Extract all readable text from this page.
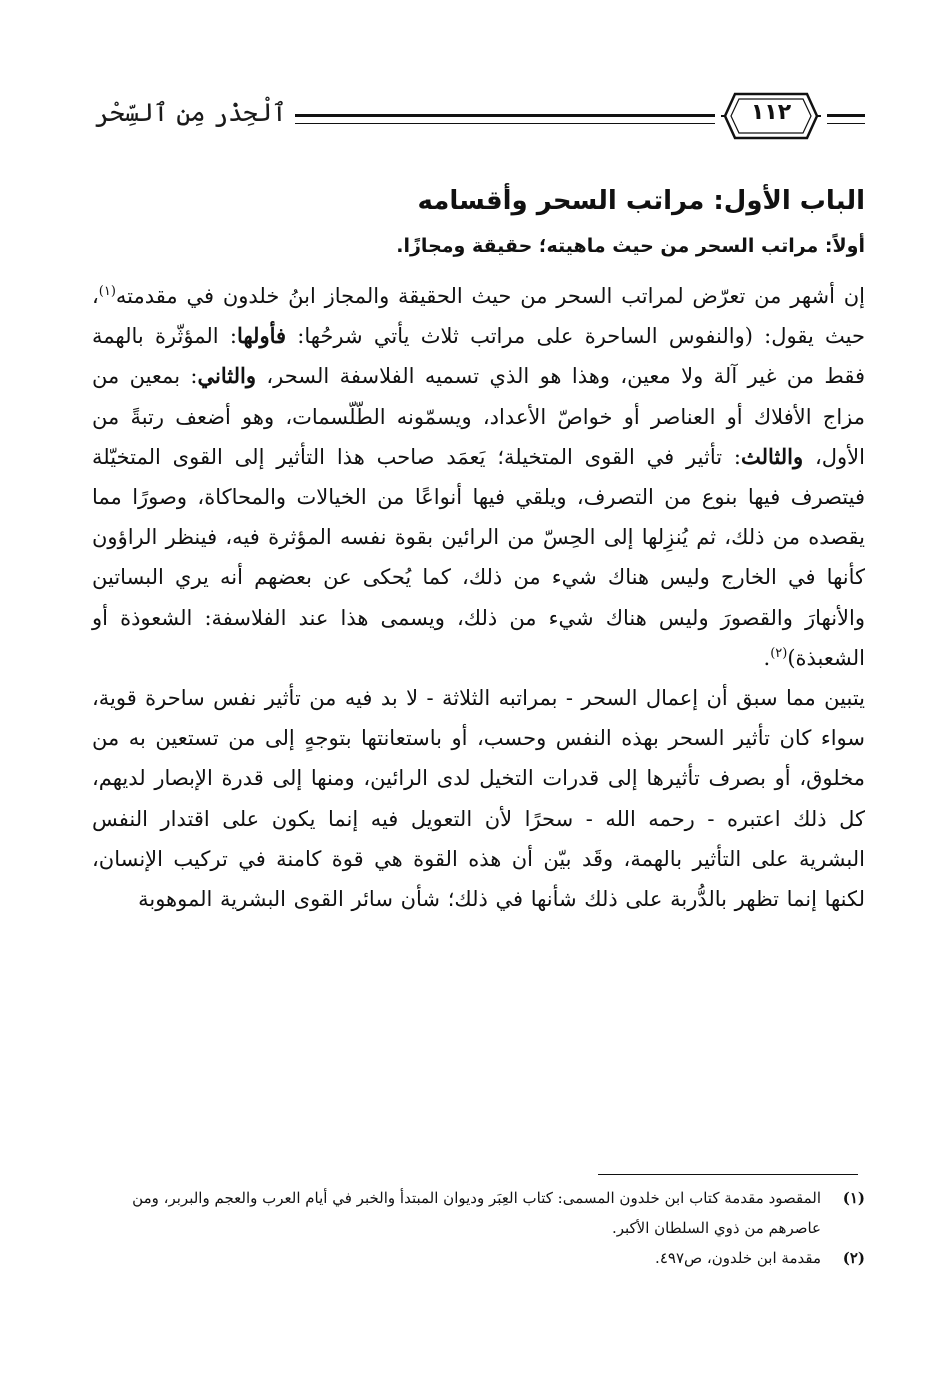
ٱلْحِذْر مِن ٱلسِّحْر	١١٢
الباب الأول: مراتب السحر وأقسامه
أولاً: مراتب السحر من حيث ماهيته؛ حقيقة ومجازًا.

إن أشهر من تعرّض لمراتب السحر من حيث الحقيقة والمجاز ابنُ خلدون في مقدمته$^{(١)}$، حيث يقول: (والنفوس الساحرة على مراتب ثلاث يأتي شرحُها: فأولها: المؤثّرة بالهمة فقط من غير آلة ولا معين، وهذا هو الذي تسميه الفلاسفة السحر، والثاني: بمعين من مزاج الأفلاك أو العناصر أو خواصّ الأعداد، ويسمّونه الطّلّسمات، وهو أضعف رتبةً من الأول، والثالث: تأثير في القوى المتخيلة؛ يَعمَد صاحب هذا التأثير إلى القوى المتخيّلة فيتصرف فيها بنوع من التصرف، ويلقي فيها أنواعًا من الخيالات والمحاكاة، وصورًا مما يقصده من ذلك، ثم يُنزِلها إلى الحِسّ من الرائين بقوة نفسه المؤثرة فيه، فينظر الراؤون كأنها في الخارج وليس هناك شيء من ذلك، كما يُحكى عن بعضهم أنه يري البساتين والأنهارَ والقصورَ وليس هناك شيء من ذلك، ويسمى هذا عند الفلاسفة: الشعوذة أو الشعبذة)$^{(٢)}$.

يتبين مما سبق أن إعمال السحر - بمراتبه الثلاثة - لا بد فيه من تأثير نفس ساحرة قوية، سواء كان تأثير السحر بهذه النفس وحسب، أو باستعانتها بتوجهٍ إلى من تستعين به من مخلوق، أو بصرف تأثيرها إلى قدرات التخيل لدى الرائين، ومنها إلى قدرة الإبصار لديهم، كل ذلك اعتبره - رحمه الله - سحرًا لأن التعويل فيه إنما يكون على اقتدار النفس البشرية على التأثير بالهمة، وقَد بيّن أن هذه القوة هي قوة كامنة في تركيب الإنسان، لكنها إنما تظهر بالدُّربة على ذلك شأنها في ذلك؛ شأن سائر القوى البشرية الموهوبة

(١)
المقصود مقدمة كتاب ابن خلدون المسمى: كتاب العِبَر وديوان المبتدأ والخبر في أيام العرب والعجم والبربر، ومن عاصرهم من ذوي السلطان الأكبر.
(٢)
مقدمة ابن خلدون، ص٤٩٧.
